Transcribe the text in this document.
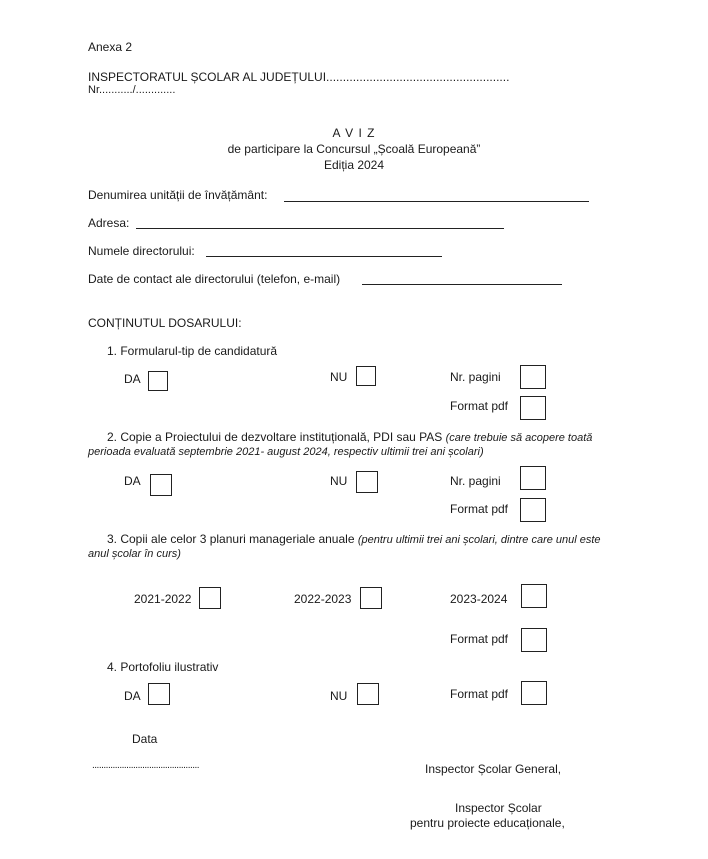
Anexa 2
INSPECTORATUL ȘCOLAR AL JUDEȚULUI.......................................................
Nr.........../.............
A V I Z
de participare la Concursul „Școală Europeană”
Ediția 2024
Denumirea unității de învățământ:
Adresa:
Numele directorului:
Date de contact ale directorului (telefon, e-mail)
CONȚINUTUL DOSARULUI:
1. Formularul-tip de candidatură
DA	NU	Nr. pagini
Format pdf
2. Copie a Proiectului de dezvoltare instituțională, PDI sau PAS (care trebuie să acopere toată
perioada evaluată septembrie 2021- august 2024, respectiv ultimii trei ani școlari)
DA	NU	Nr. pagini
Format pdf
3. Copii ale celor 3 planuri manageriale anuale (pentru ultimii trei ani școlari, dintre care unul este
anul școlar în curs)
2021-2022	2022-2023	2023-2024
Format pdf
4. Portofoliu ilustrativ
DA	NU	Format pdf
Data
...............................................	Inspector Școlar General,
Inspector Școlar
pentru proiecte educaționale,
